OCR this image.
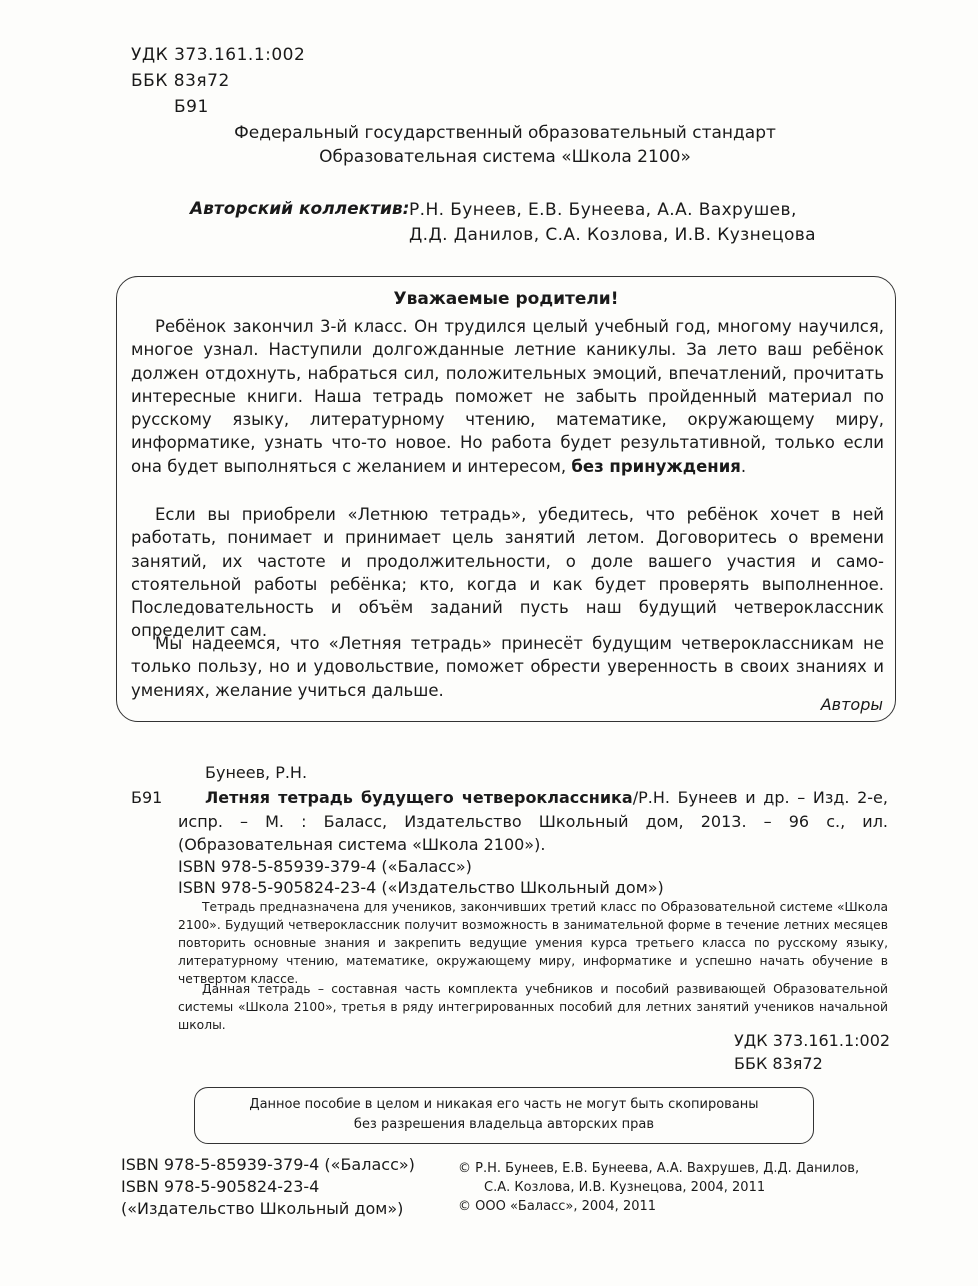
УДК 373.161.1:002
ББК 83я72
Б91
Федеральный государственный образовательный стандарт
Образовательная система «Школа 2100»
Авторский коллектив: Р.Н. Бунеев, Е.В. Бунеева, А.А. Вахрушев,
Д.Д. Данилов, С.А. Козлова, И.В. Кузнецова
Уважаемые родители!
Ребёнок закончил 3-й класс. Он трудился целый учебный год, многому научился, многое узнал. Наступили долгожданные летние каникулы. За лето ваш ребёнок должен отдохнуть, набраться сил, положительных эмоций, впечатлений, прочитать интересные книги. Наша тетрадь поможет не забыть пройденный материал по русскому языку, литературному чтению, математике, окружающему миру, информатике, узнать что-то новое. Но работа будет результативной, только если она будет выполняться с желанием и интересом, без принуждения.
Если вы приобрели «Летнюю тетрадь», убедитесь, что ребёнок хочет в ней работать, понимает и принимает цель занятий летом. Договоритесь о времени занятий, их частоте и продолжительности, о доле вашего участия и самостоятельной работы ребёнка; кто, когда и как будет проверять выполненное. Последовательность и объём заданий пусть наш будущий четвероклассник определит сам.
Мы надеемся, что «Летняя тетрадь» принесёт будущим четвероклассникам не только пользу, но и удовольствие, поможет обрести уверенность в своих знаниях и умениях, желание учиться дальше.
Авторы
Бунеев, Р.Н.
Б91	Летняя тетрадь будущего четвероклассника/Р.Н. Бунеев и др. – Изд. 2-е, испр. – М. : Баласс, Издательство Школьный дом, 2013. – 96 с., ил. (Образовательная система «Школа 2100»).
ISBN 978-5-85939-379-4 («Баласс»)
ISBN 978-5-905824-23-4 («Издательство Школьный дом»)
Тетрадь предназначена для учеников, закончивших третий класс по Образовательной системе «Школа 2100». Будущий четвероклассник получит возможность в занимательной форме в течение летних месяцев повторить основные знания и закрепить ведущие умения курса третьего класса по русскому языку, литературному чтению, математике, окружающему миру, информатике и успешно начать обучение в четвертом классе.
Данная тетрадь – составная часть комплекта учебников и пособий развивающей Образовательной системы «Школа 2100», третья в ряду интегрированных пособий для летних занятий учеников начальной школы.
УДК 373.161.1:002
ББК 83я72
Данное пособие в целом и никакая его часть не могут быть скопированы
без разрешения владельца авторских прав
ISBN 978-5-85939-379-4 («Баласс»)
ISBN 978-5-905824-23-4
(«Издательство Школьный дом»)
© Р.Н. Бунеев, Е.В. Бунеева, А.А. Вахрушев, Д.Д. Данилов,
С.А. Козлова, И.В. Кузнецова, 2004, 2011
© ООО «Баласс», 2004, 2011
